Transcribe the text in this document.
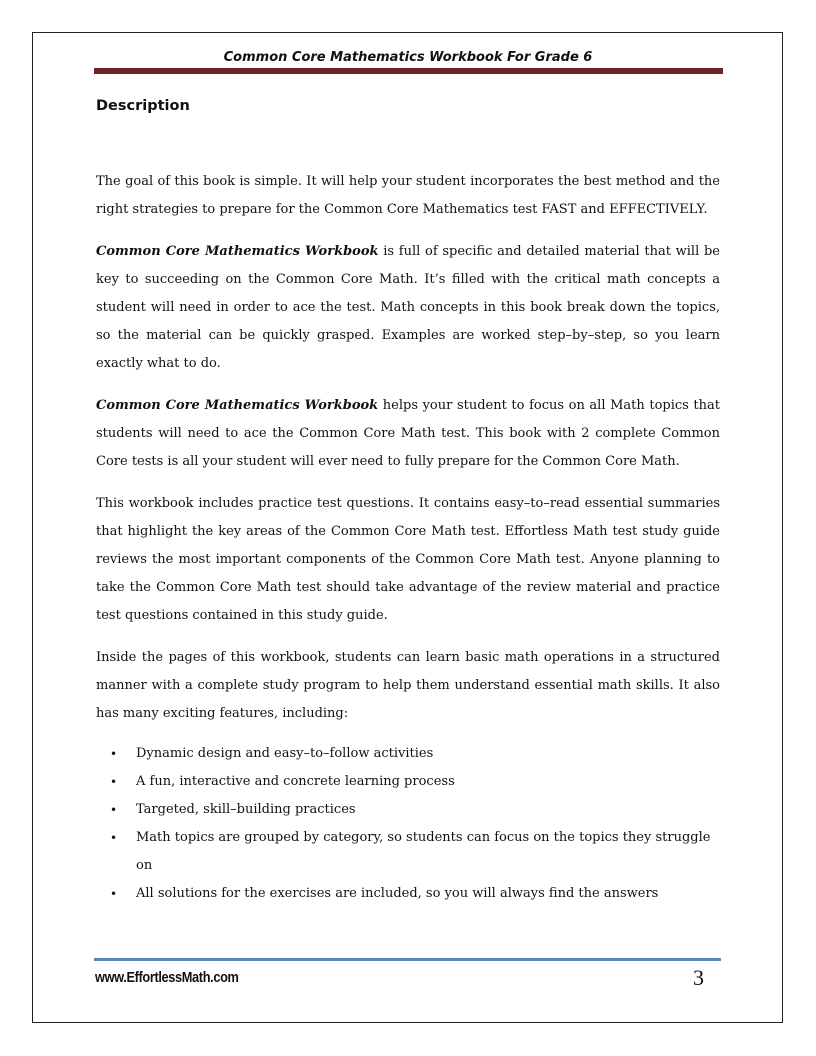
Common Core Mathematics Workbook For Grade 6
Description

The goal of this book is simple. It will help your student incorporates the best method and the right strategies to prepare for the Common Core Mathematics test FAST and EFFECTIVELY.

Common Core Mathematics Workbook is full of specific and detailed material that will be key to succeeding on the Common Core Math. It’s filled with the critical math concepts a student will need in order to ace the test. Math concepts in this book break down the topics, so the material can be quickly grasped. Examples are worked step–by–step, so you learn exactly what to do.

Common Core Mathematics Workbook helps your student to focus on all Math topics that students will need to ace the Common Core Math test. This book with 2 complete Common Core tests is all your student will ever need to fully prepare for the Common Core Math.

This workbook includes practice test questions. It contains easy–to–read essential summaries that highlight the key areas of the Common Core Math test. Effortless Math test study guide reviews the most important components of the Common Core Math test. Anyone planning to take the Common Core Math test should take advantage of the review material and practice test questions contained in this study guide.

Inside the pages of this workbook, students can learn basic math operations in a structured manner with a complete study program to help them understand essential math skills. It also has many exciting features, including:

• Dynamic design and easy–to–follow activities
• A fun, interactive and concrete learning process
• Targeted, skill–building practices
• Math topics are grouped by category, so students can focus on the topics they struggle on
• All solutions for the exercises are included, so you will always find the answers
www.EffortlessMath.com	3
